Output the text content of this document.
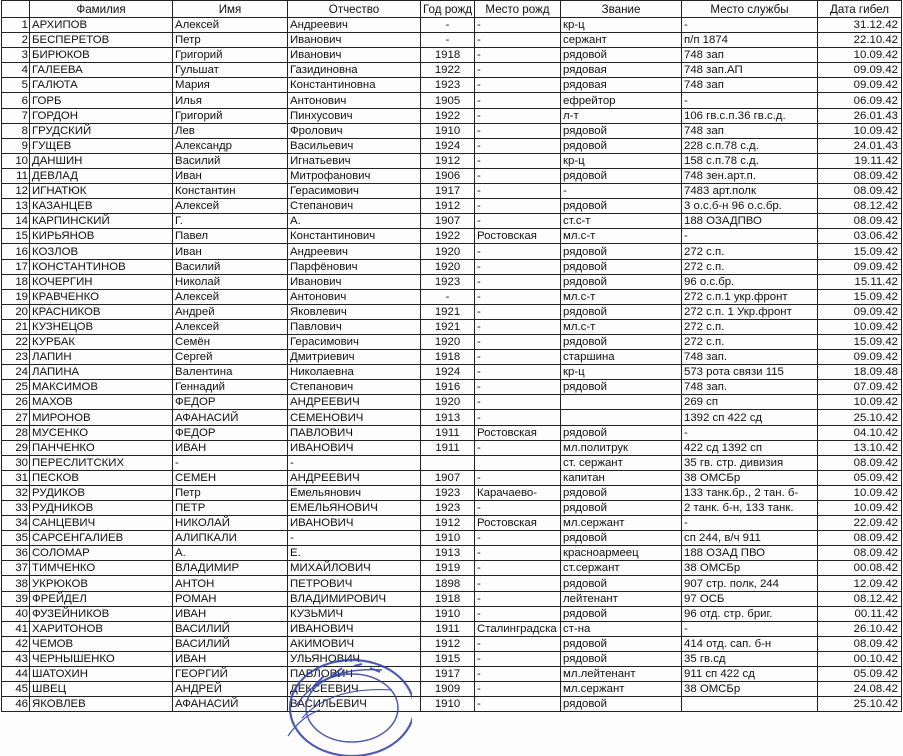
	Фамилия	Имя	Отчество	Год рожд	Место рожд	Звание	Место службы	Дата гибел
1	АРХИПОВ	Алексей	Андреевич	-	-	кр-ц	-	31.12.42
2	БЕСПЕРЕТОВ	Петр	Иванович	-	-	сержант	п/п 1874	22.10.42
3	БИРЮКОВ	Григорий	Иванович	1918	-	рядовой	748 зап	10.09.42
4	ГАЛЕЕВА	Гульшат	Газидиновна	1922	-	рядовая	748 зап.АП	09.09.42
5	ГАЛЮТА	Мария	Константиновна	1923	-	рядовая	748 зап	09.09.42
6	ГОРБ	Илья	Антонович	1905	-	ефрейтор	-	06.09.42
7	ГОРДОН	Григорий	Пинхусович	1922	-	л-т	106 гв.с.п.36 гв.с.д.	26.01.43
8	ГРУДСКИЙ	Лев	Фролович	1910	-	рядовой	748 зап	10.09.42
9	ГУЩЕВ	Александр	Васильевич	1924	-	рядовой	228 с.п.78 с.д.	24.01.43
10	ДАНШИН	Василий	Игнатьевич	1912	-	кр-ц	158 с.п.78 с.д.	19.11.42
11	ДЕВЛАД	Иван	Митрофанович	1906	-	рядовой	748 зен.арт.п.	08.09.42
12	ИГНАТЮК	Константин	Герасимович	1917	-	-	7483 арт.полк	08.09.42
13	КАЗАНЦЕВ	Алексей	Степанович	1912	-	рядовой	3 о.с.б-н 96 о.с.бр.	08.12.42
14	КАРПИНСКИЙ	Г.	А.	1907	-	ст.с-т	188 ОЗАДПВО	08.09.42
15	КИРЬЯНОВ	Павел	Константинович	1922	Ростовская	мл.с-т	-	03.06.42
16	КОЗЛОВ	Иван	Андреевич	1920	-	рядовой	272 с.п.	15.09.42
17	КОНСТАНТИНОВ	Василий	Парфёнович	1920	-	рядовой	272 с.п.	09.09.42
18	КОЧЕРГИН	Николай	Иванович	1923	-	рядовой	96 о.с.бр.	15.11.42
19	КРАВЧЕНКО	Алексей	Антонович	-	-	мл.с-т	272 с.п.1 укр.фронт	15.09.42
20	КРАСНИКОВ	Андрей	Яковлевич	1921	-	рядовой	272 с.п. 1 Укр.фронт	09.09.42
21	КУЗНЕЦОВ	Алексей	Павлович	1921	-	мл.с-т	272 с.п.	10.09.42
22	КУРБАК	Семён	Герасимович	1920	-	рядовой	272 с.п.	15.09.42
23	ЛАПИН	Сергей	Дмитриевич	1918	-	старшина	748 зап.	09.09.42
24	ЛАПИНА	Валентина	Николаевна	1924	-	кр-ц	573 рота связи 115	18.09.48
25	МАКСИМОВ	Геннадий	Степанович	1916	-	рядовой	748 зап.	07.09.42
26	МАХОВ	ФЕДОР	АНДРЕЕВИЧ	1920	-		269 сп	10.09.42
27	МИРОНОВ	АФАНАСИЙ	СЕМЕНОВИЧ	1913	-		1392 сп 422 сд	25.10.42
28	МУСЕНКО	ФЕДОР	ПАВЛОВИЧ	1911	Ростовская	рядовой	-	04.10.42
29	ПАНЧЕНКО	ИВАН	ИВАНОВИЧ	1911	-	мл.политрук	422 сд 1392 сп	13.10.42
30	ПЕРЕСЛИТСКИХ	-	-			ст. сержант	35 гв. стр. дивизия	08.09.42
31	ПЕСКОВ	СЕМЕН	АНДРЕЕВИЧ	1907	-	капитан	38 ОМСБр	05.09.42
32	РУДИКОВ	Петр	Емельянович	1923	Карачаево-	рядовой	133 танк.бр., 2 тан. б-	10.09.42
33	РУДНИКОВ	ПЕТР	ЕМЕЛЬЯНОВИЧ	1923	-	рядовой	2 танк. б-н, 133 танк.	10.09.42
34	САНЦЕВИЧ	НИКОЛАЙ	ИВАНОВИЧ	1912	Ростовская	мл.сержант	-	22.09.42
35	САРСЕНГАЛИЕВ	АЛИПКАЛИ	-	1910	-	рядовой	сп 244, в/ч 911	08.09.42
36	СОЛОМАР	А.	Е.	1913	-	красноармеец	188 ОЗАД ПВО	08.09.42
37	ТИМЧЕНКО	ВЛАДИМИР	МИХАЙЛОВИЧ	1919	-	ст.сержант	38 ОМСБр	00.08.42
38	УКРЮКОВ	АНТОН	ПЕТРОВИЧ	1898	-	рядовой	907 стр. полк, 244	12.09.42
39	ФРЕЙДЕЛ	РОМАН	ВЛАДИМИРОВИЧ	1918	-	лейтенант	97 ОСБ	08.12.42
40	ФУЗЕЙНИКОВ	ИВАН	КУЗЬМИЧ	1910	-	рядовой	96 отд. стр. бриг.	00.11.42
41	ХАРИТОНОВ	ВАСИЛИЙ	ИВАНОВИЧ	1911	Сталинградска	ст-на	-	26.10.42
42	ЧЕМОВ	ВАСИЛИЙ	АКИМОВИЧ	1912	-	рядовой	414 отд. сап. б-н	08.09.42
43	ЧЕРНЫШЕНКО	ИВАН	УЛЬЯНОВИЧ	1915	-	рядовой	35 гв.сд	00.10.42
44	ШАТОХИН	ГЕОРГИЙ	ПАВЛОВИЧ	1917	-	мл.лейтенант	911 сп 422 сд	05.09.42
45	ШВЕЦ	АНДРЕЙ	ДЕКСЕЕВИЧ	1909	-	мл.сержант	38 ОМСБр	24.08.42
46	ЯКОВЛЕВ	АФАНАСИЙ	ВАСИЛЬЕВИЧ	1910	-	рядовой		25.10.42
